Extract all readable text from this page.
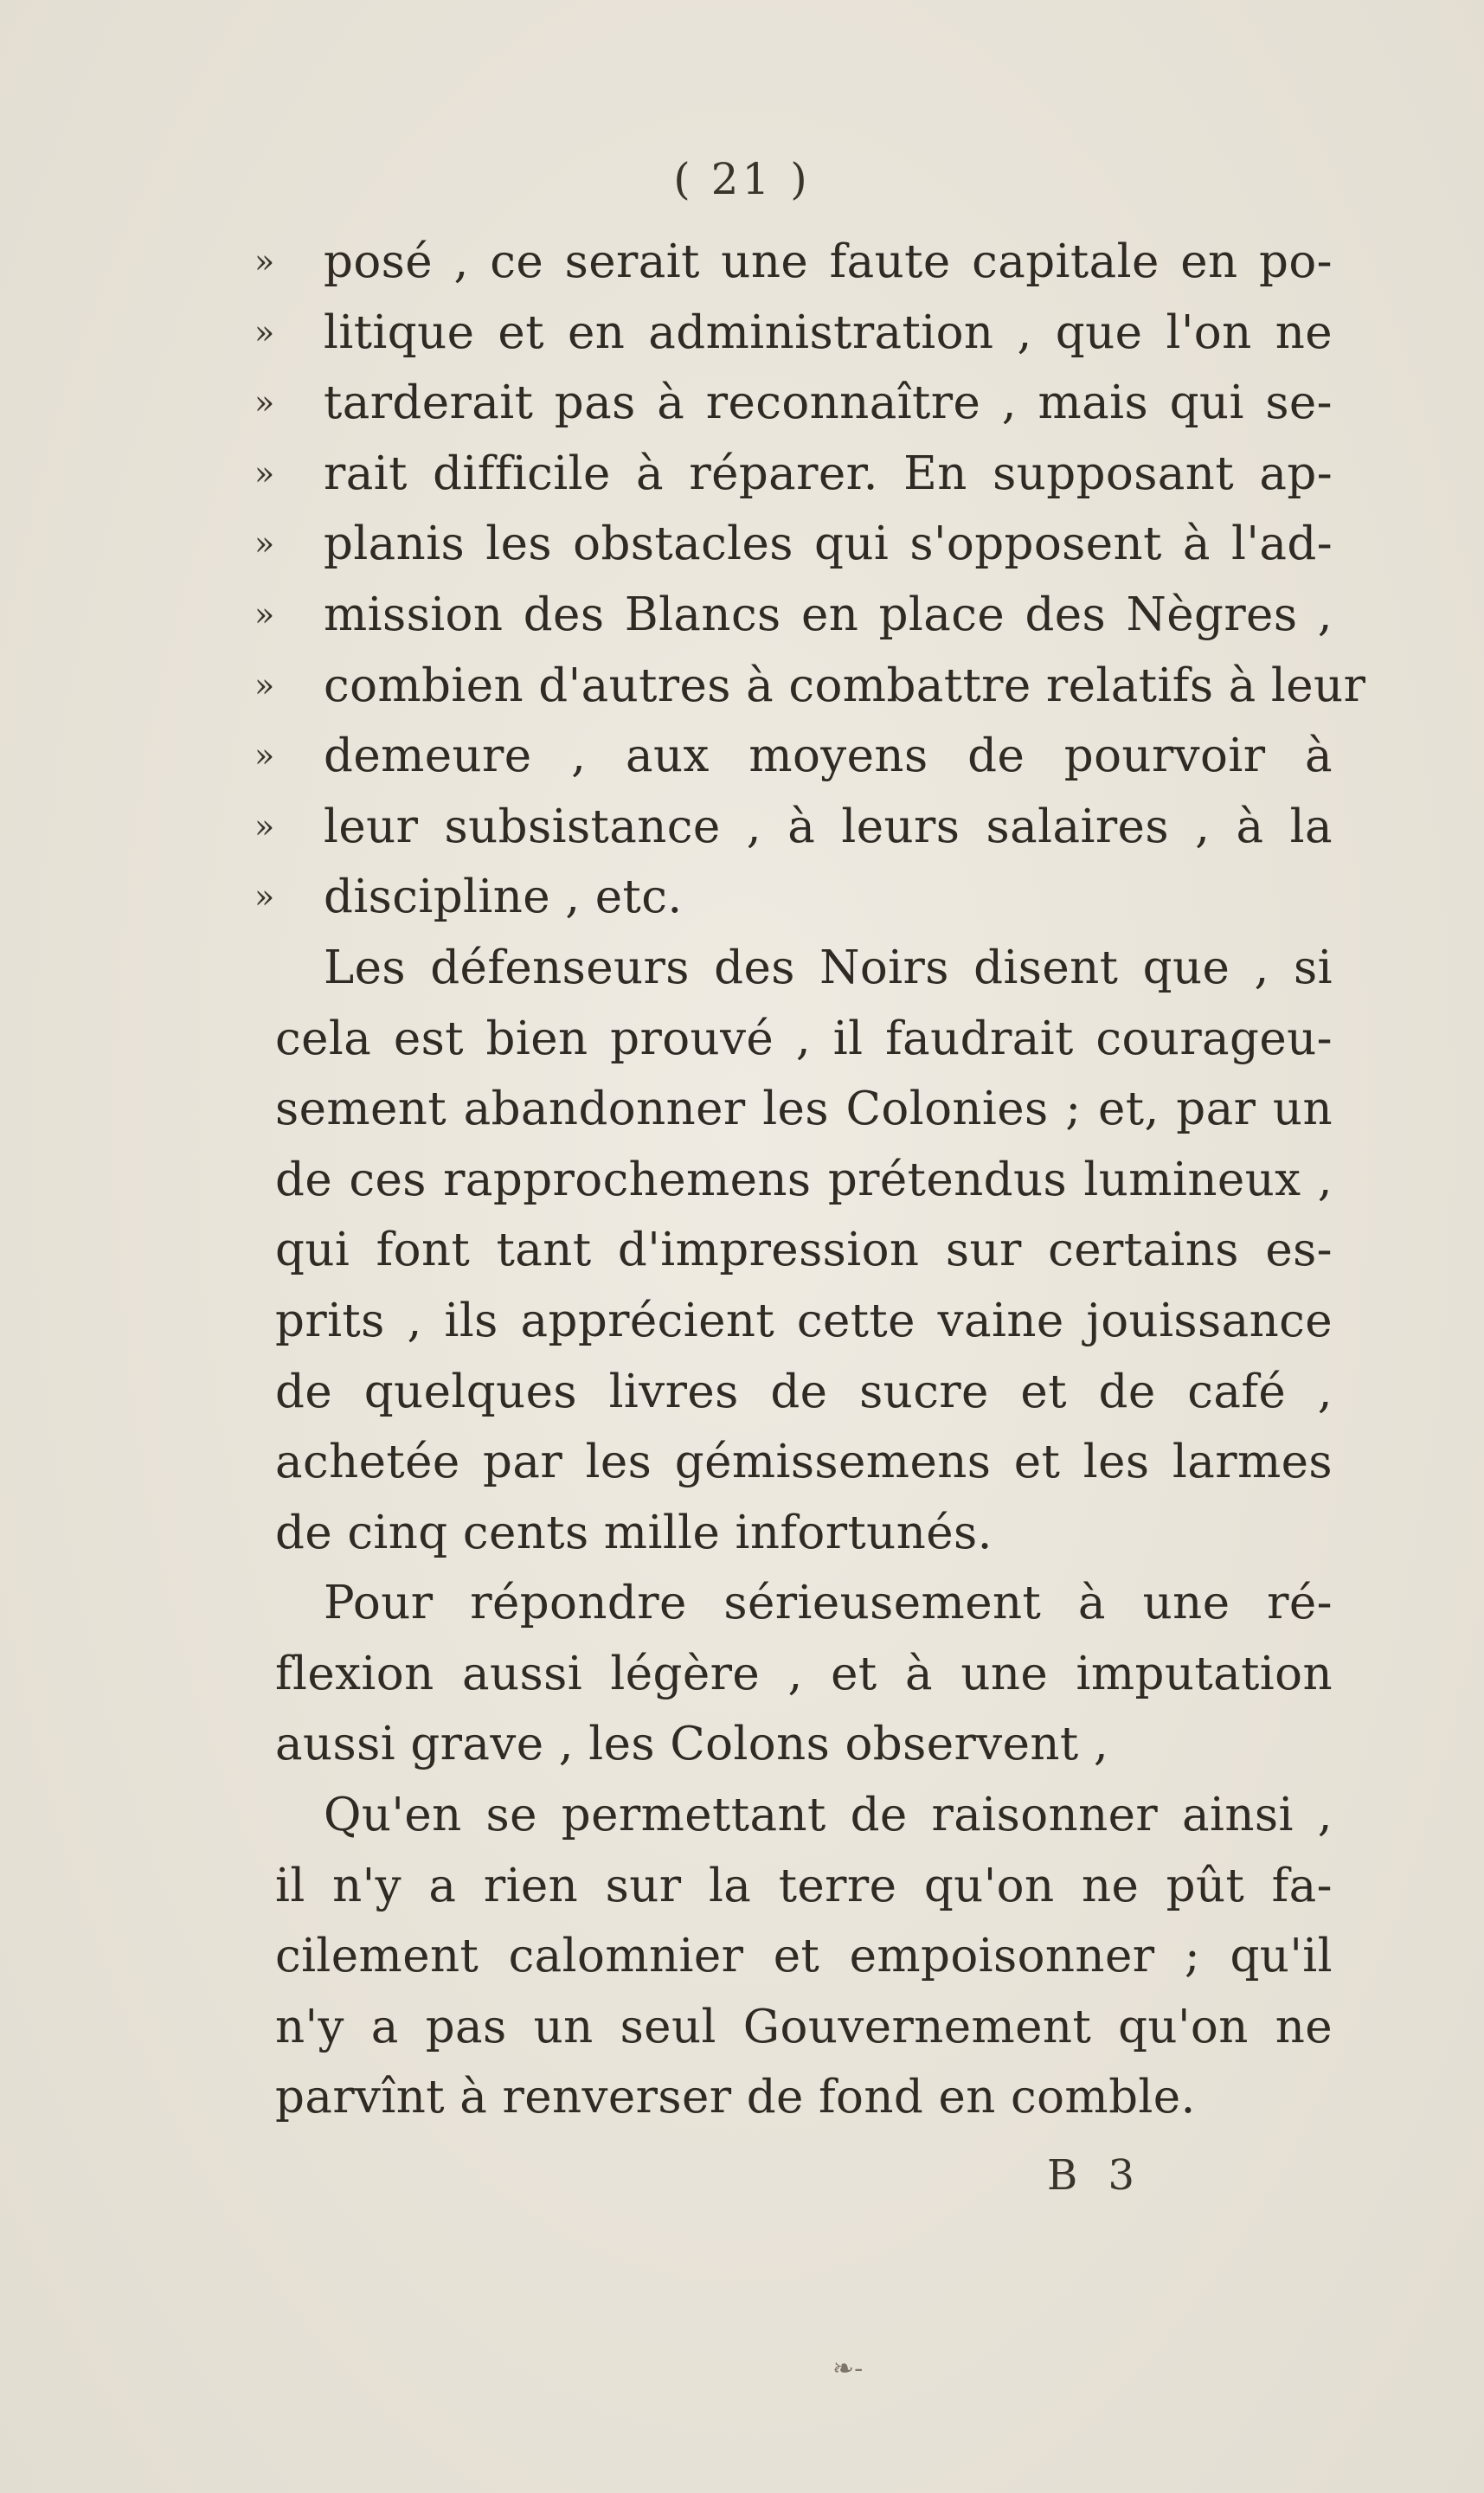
( 21 )
» posé , ce serait une faute capitale en po-
» litique et en administration , que l'on ne
» tarderait pas à reconnaître , mais qui se-
» rait difficile à réparer. En supposant ap-
» planis les obstacles qui s'opposent à l'ad-
» mission des Blancs en place des Nègres ,
» combien d'autres à combattre relatifs à leur
» demeure , aux moyens de pourvoir à
» leur subsistance , à leurs salaires , à la
» discipline , etc.
Les défenseurs des Noirs disent que , si
cela est bien prouvé , il faudrait courageu-
sement abandonner les Colonies ; et, par un
de ces rapprochemens prétendus lumineux ,
qui font tant d'impression sur certains es-
prits , ils apprécient cette vaine jouissance
de quelques livres de sucre et de café ,
achetée par les gémissemens et les larmes
de cinq cents mille infortunés.
Pour répondre sérieusement à une ré-
flexion aussi légère , et à une imputation
aussi grave , les Colons observent ,
Qu'en se permettant de raisonner ainsi ,
il n'y a rien sur la terre qu'on ne pût fa-
cilement calomnier et empoisonner ; qu'il
n'y a pas un seul Gouvernement qu'on ne
parvînt à renverser de fond en comble.
B 3
❧-
